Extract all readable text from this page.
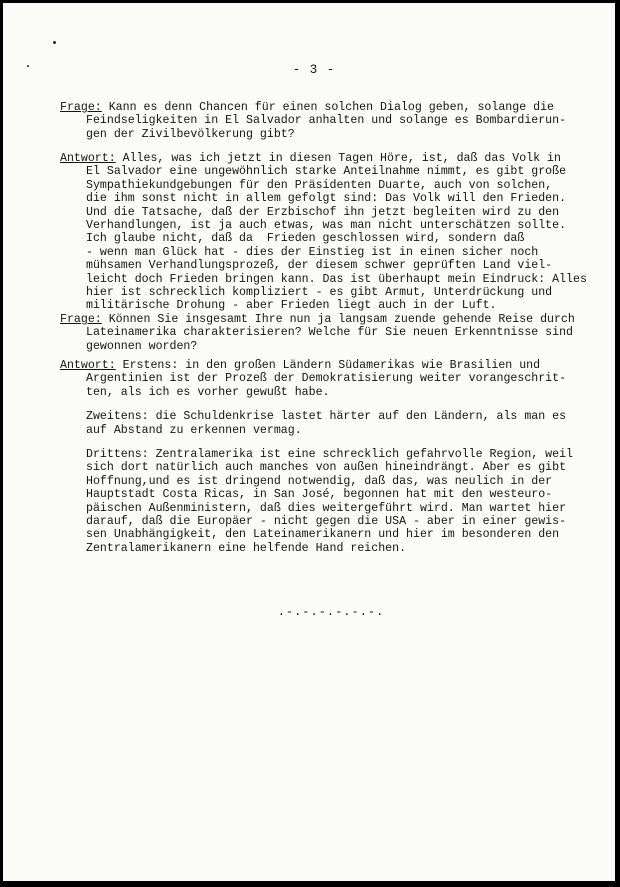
- 3 -
Frage: Kann es denn Chancen für einen solchen Dialog geben, solange die
Feindseligkeiten in El Salvador anhalten und solange es Bombardierun-
gen der Zivilbevölkerung gibt?
Antwort: Alles, was ich jetzt in diesen Tagen Höre, ist, daß das Volk in
El Salvador eine ungewöhnlich starke Anteilnahme nimmt, es gibt große
Sympathiekundgebungen für den Präsidenten Duarte, auch von solchen,
die ihm sonst nicht in allem gefolgt sind: Das Volk will den Frieden.
Und die Tatsache, daß der Erzbischof ihn jetzt begleiten wird zu den
Verhandlungen, ist ja auch etwas, was man nicht unterschätzen sollte.
Ich glaube nicht, daß da  Frieden geschlossen wird, sondern daß
- wenn man Glück hat - dies der Einstieg ist in einen sicher noch
mühsamen Verhandlungsprozeß, der diesem schwer geprüften Land viel-
leicht doch Frieden bringen kann. Das ist überhaupt mein Eindruck: Alles
hier ist schrecklich kompliziert - es gibt Armut, Unterdrückung und
militärische Drohung - aber Frieden liegt auch in der Luft.
Frage: Können Sie insgesamt Ihre nun ja langsam zuende gehende Reise durch
Lateinamerika charakterisieren? Welche für Sie neuen Erkenntnisse sind
gewonnen worden?
Antwort: Erstens: in den großen Ländern Südamerikas wie Brasilien und
Argentinien ist der Prozeß der Demokratisierung weiter vorangeschrit-
ten, als ich es vorher gewußt habe.
Zweitens: die Schuldenkrise lastet härter auf den Ländern, als man es
auf Abstand zu erkennen vermag.
Drittens: Zentralamerika ist eine schrecklich gefahrvolle Region, weil
sich dort natürlich auch manches von außen hineindrängt. Aber es gibt
Hoffnung,und es ist dringend notwendig, daß das, was neulich in der
Hauptstadt Costa Ricas, in San José, begonnen hat mit den westeuro-
päischen Außenministern, daß dies weitergeführt wird. Man wartet hier
darauf, daß die Europäer - nicht gegen die USA - aber in einer gewis-
sen Unabhängigkeit, den Lateinamerikanern und hier im besonderen den
Zentralamerikanern eine helfende Hand reichen.
.-.-.-.-.-.-.
